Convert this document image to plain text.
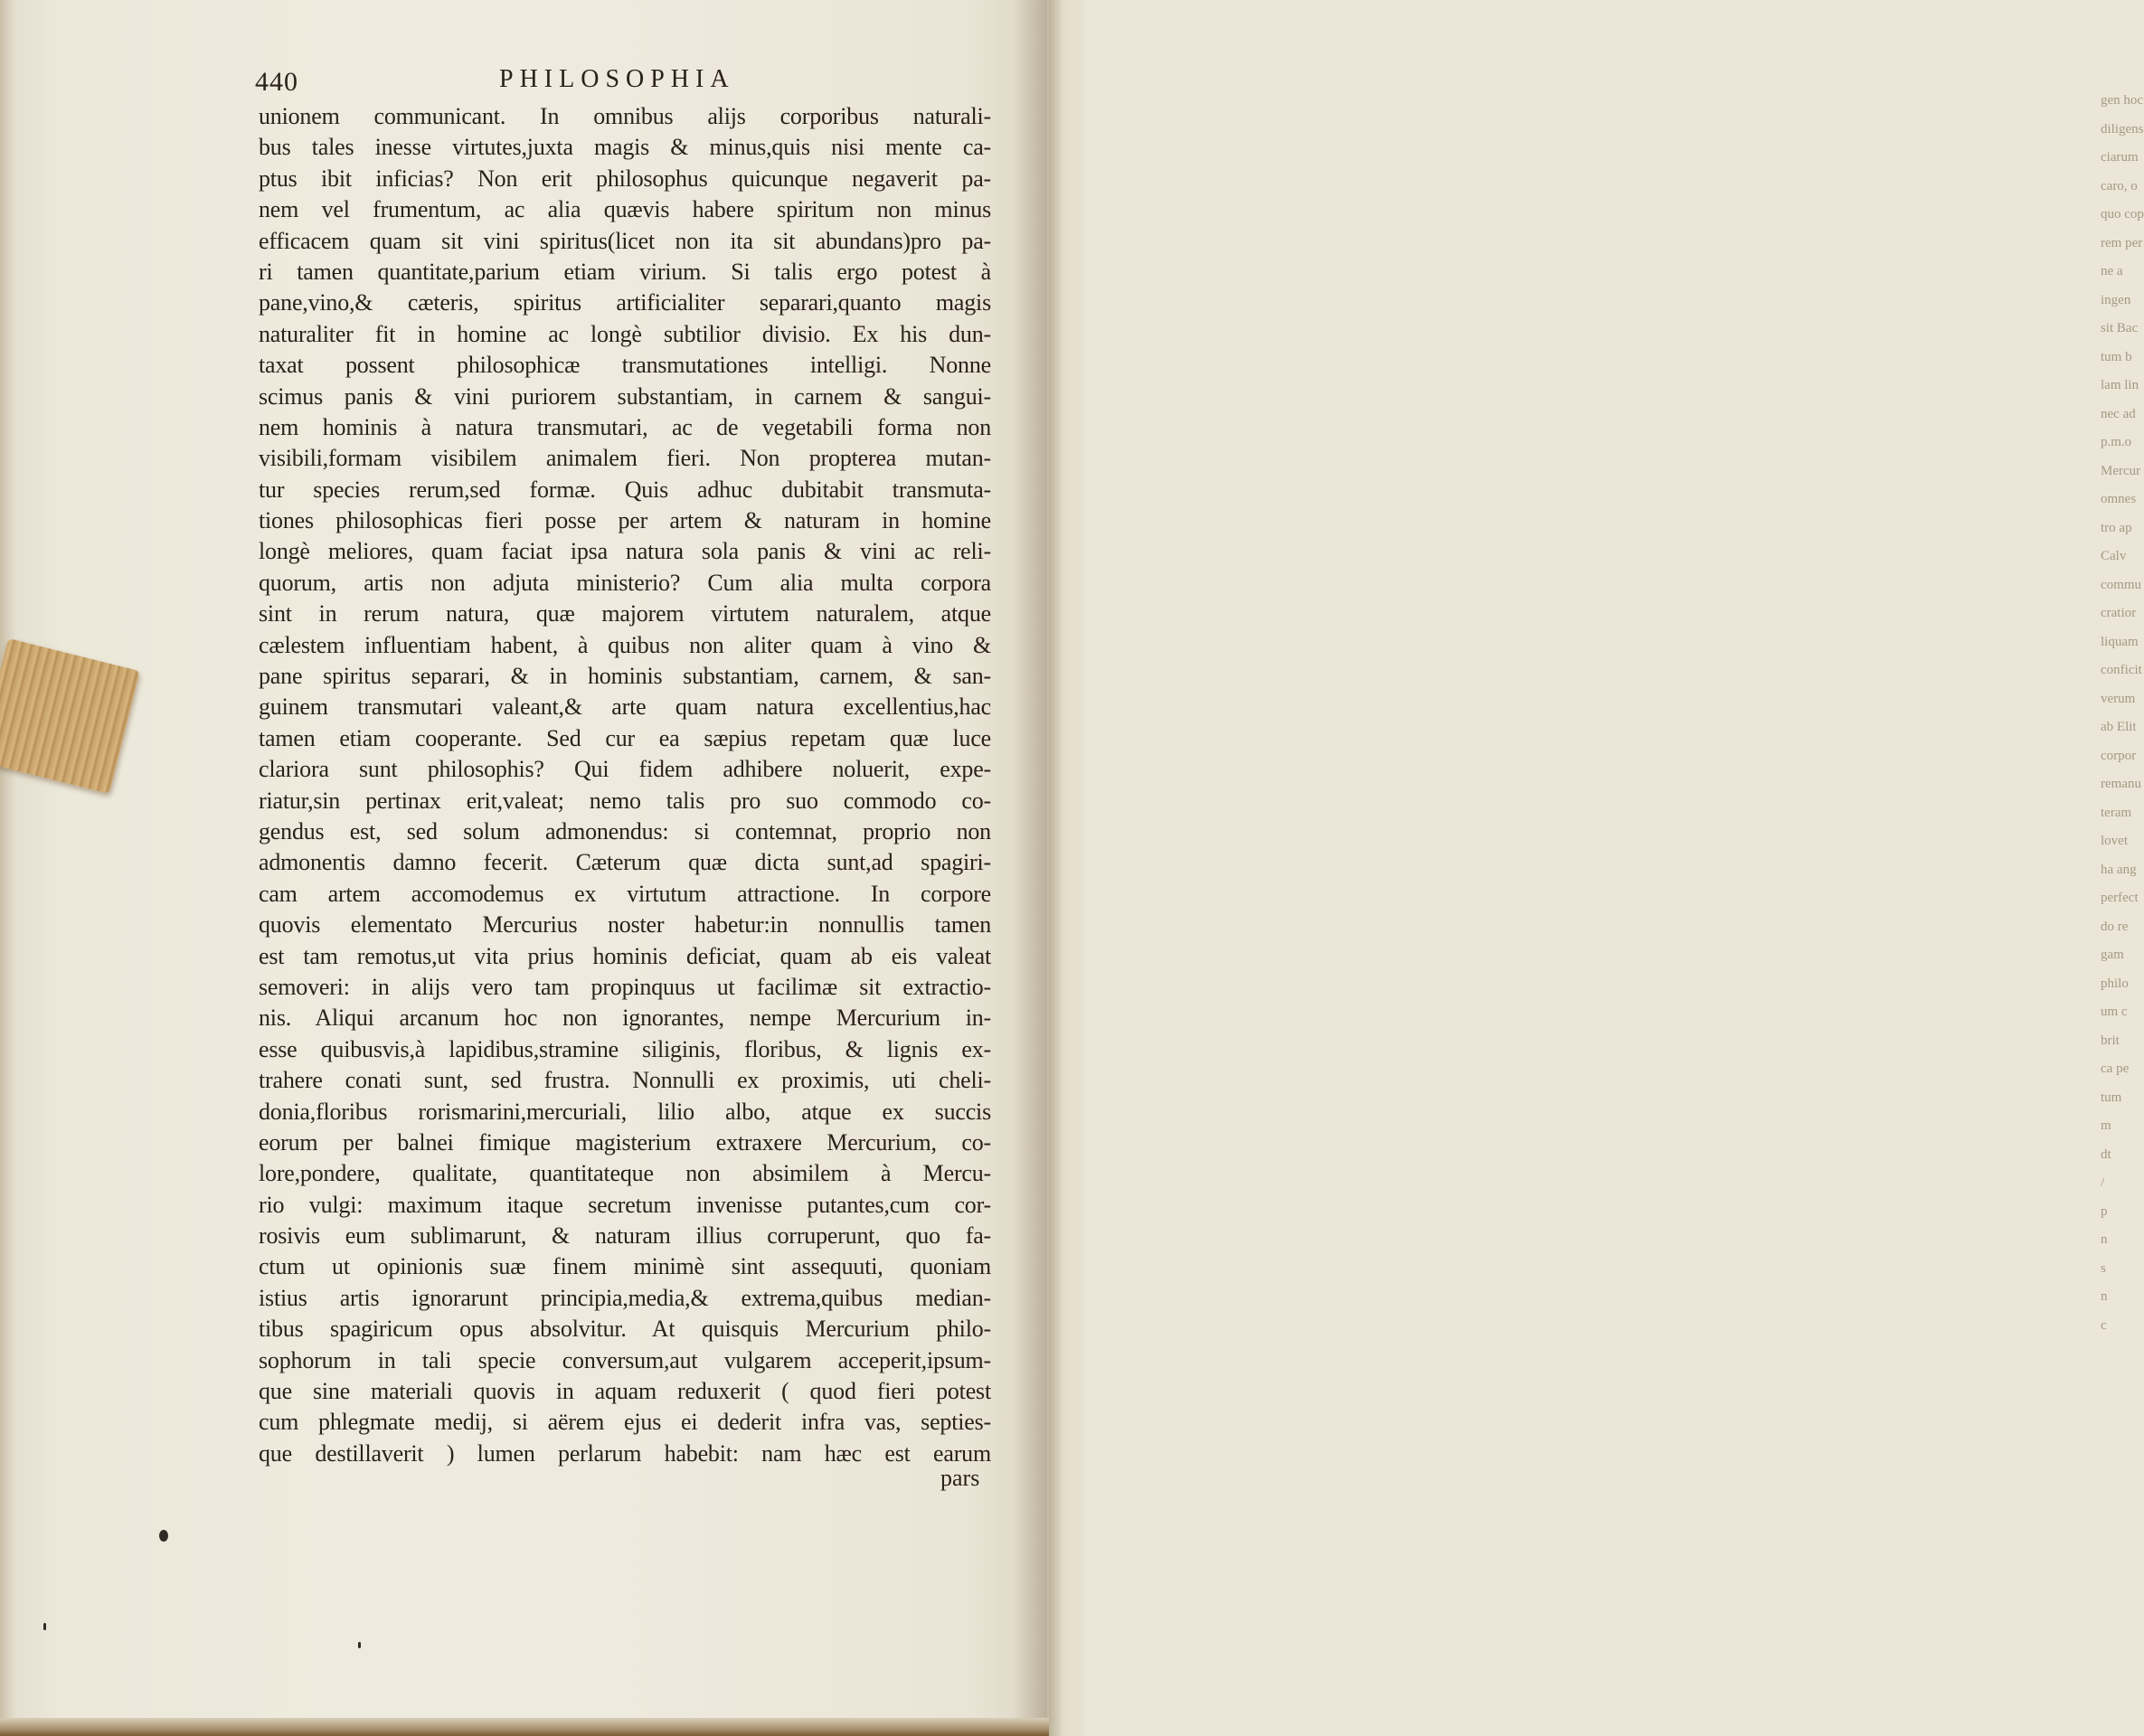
gen hoc
diligens
ciarum
caro, o
quo cop
rem per
ne a
ingen
sit Bac
tum b
lam lin
nec ad
p.m.o
Mercur
omnes
tro ap
Calv
commu
cratior
liquam
conficit
verum
ab Elit
corpor
remanu
teram
lovet
ha ang
perfect
do re
gam
philo
um c
brit
ca pe
tum
m
dt
/
p
n
s
n
c
440	PHILOSOPHIA
unionem communicant. In omnibus alijs corporibus naturali-
bus tales inesse virtutes,juxta magis & minus,quis nisi mente ca-
ptus ibit inficias? Non erit philosophus quicunque negaverit pa-
nem vel frumentum, ac alia quævis habere spiritum non minus
efficacem quam sit vini spiritus(licet non ita sit abundans)pro pa-
ri tamen quantitate,parium etiam virium. Si talis ergo potest à
pane,vino,& cæteris, spiritus artificialiter separari,quanto magis
naturaliter fit in homine ac longè subtilior divisio. Ex his dun-
taxat possent philosophicæ transmutationes intelligi. Nonne
scimus panis & vini puriorem substantiam, in carnem & sangui-
nem hominis à natura transmutari, ac de vegetabili forma non
visibili,formam visibilem animalem fieri. Non propterea mutan-
tur species rerum,sed formæ. Quis adhuc dubitabit transmuta-
tiones philosophicas fieri posse per artem & naturam in homine
longè meliores, quam faciat ipsa natura sola panis & vini ac reli-
quorum, artis non adjuta ministerio? Cum alia multa corpora
sint in rerum natura, quæ majorem virtutem naturalem, atque
cælestem influentiam habent, à quibus non aliter quam à vino &
pane spiritus separari, & in hominis substantiam, carnem, & san-
guinem transmutari valeant,& arte quam natura excellentius,hac
tamen etiam cooperante. Sed cur ea sæpius repetam quæ luce
clariora sunt philosophis? Qui fidem adhibere noluerit, expe-
riatur,sin pertinax erit,valeat; nemo talis pro suo commodo co-
gendus est, sed solum admonendus: si contemnat, proprio non
admonentis damno fecerit. Cæterum quæ dicta sunt,ad spagiri-
cam artem accomodemus ex virtutum attractione. In corpore
quovis elementato Mercurius noster habetur:in nonnullis tamen
est tam remotus,ut vita prius hominis deficiat, quam ab eis valeat
semoveri: in alijs vero tam propinquus ut facilimæ sit extractio-
nis. Aliqui arcanum hoc non ignorantes, nempe Mercurium in-
esse quibusvis,à lapidibus,stramine siliginis, floribus, & lignis ex-
trahere conati sunt, sed frustra. Nonnulli ex proximis, uti cheli-
donia,floribus rorismarini,mercuriali, lilio albo, atque ex succis
eorum per balnei fimique magisterium extraxere Mercurium, co-
lore,pondere, qualitate, quantitateque non absimilem à Mercu-
rio vulgi: maximum itaque secretum invenisse putantes,cum cor-
rosivis eum sublimarunt, & naturam illius corruperunt, quo fa-
ctum ut opinionis suæ finem minimè sint assequuti, quoniam
istius artis ignorarunt principia,media,& extrema,quibus median-
tibus spagiricum opus absolvitur. At quisquis Mercurium philo-
sophorum in tali specie conversum,aut vulgarem acceperit,ipsum-
que sine materiali quovis in aquam reduxerit ( quod fieri potest
cum phlegmate medij, si aërem ejus ei dederit infra vas, septies-
que destillaverit ) lumen perlarum habebit: nam hæc est earum
pars
